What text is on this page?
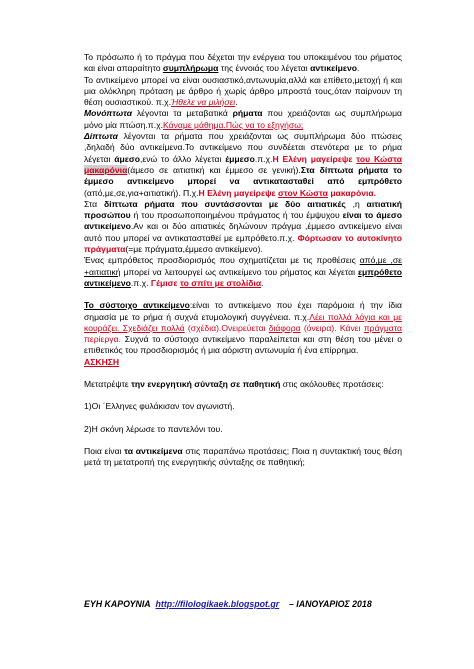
Το πρόσωπο ή το πράγμα που δέχεται την ενέργεια του υποκειμένου του ρήματος και είναι απαραίτητο συμπλήρωμα της έννοιάς του λέγεται αντικείμενο.

Το αντικείμενο μπορεί να είναι ουσιαστικό,αντωνυμία,αλλά και επίθετο,μετοχή ή και μια ολόκληρη πρόταση με άρθρο ή χωρίς άρθρο μπροστά τους,όταν παίρνουν τη θέση ουσιαστικού. π.χ.Ήθελε να μιλήσει.

Μονόπτωτα λέγονται τα μεταβατικά ρήματα που χρειάζονται ως συμπλήρωμα μόνο μία πτώση.π.χ.Κάναμε μάθημα.Πώς να το εξηγήσω;

Δίπτωτα λέγονται τα ρήματα που χρειάζονται ως συμπλήρωμα δύο πτώσεις ,δηλαδή δύο αντικείμενα.Το αντικείμενο που συνδέεται στενότερα με το ρήμα λέγεται άμεσο,ενώ το άλλο λέγεται έμμεσο.π.χ.Η Ελένη μαγείρεψε του Κώστα μακαρόνια(άμεσο σε αιτιατική και έμμεσο σε γενική).Στα δίπτωτα ρήματα το έμμεσο αντικείμενο μπορεί να αντικατασταθεί από εμπρόθετο (από,με,σε,για+αιτιατική). Π.χ.Η Ελένη μαγείρεψε στον Κώστα μακαρόνια.

Στα δίπτωτα ρήματα που συντάσσονται με δύο αιτιατικές ,η αιτιατική προσώπου ή του προσωποποιημένου πράγματος ή του έμψυχου είναι το άμεσο αντικείμενο.Αν και οι δύο αιτιατικές δηλώνουν πράγμα ,έμμεσο αντικείμενο είναι αυτό που μπορεί να αντικατασταθεί με εμπρόθετο.π.χ. Φόρτωσαν το αυτοκίνητο πράγματα(=με πράγματα,έμμεσο αντικείμενο).

Ένας εμπρόθετος προσδιορισμός που σχηματίζεται με τις προθέσεις από,με ,σε +αιτιατική μπορεί να λειτουργεί ως αντικείμενο του ρήματος και λέγεται εμπρόθετο αντικείμενο.π.χ. Γέμισε το σπίτι με στολίδια.

Το σύστοιχο αντικείμενο:είναι το αντικείμενο που έχει παρόμοια ή την ίδια σημασία με το ρήμα ή συχνά ετυμολογική συγγένεια. π.χ.Λέει πολλά λόγια και με κουράζει. Σχεδιάζει πολλά (σχέδια).Ονειρεύεται διάφορα (όνειρα). Κάνει πράγματα περίεργα. Συχνά το σύστοιχο αντικείμενο παραλείπεται και στη θέση του μένει ο επιθετικός του προσδιορισμός ή μια αόριστη αντωνυμία ή ένα επίρρημα.

ΑΣΚΗΣΗ

Μετατρέψτε την ενεργητική σύνταξη σε παθητική στις ακόλουθες προτάσεις:

1)Οι ΄Ελληνες φυλάκισαν τον αγωνιστή.

2)Η σκόνη λέρωσε το παντελόνι του.

Ποια είναι τα αντικείμενα στις παραπάνω προτάσεις; Ποια η συντακτική τους θέση μετά τη μετατροπή της ενεργητικής σύνταξης σε παθητική;

ΕΥΗ ΚΑΡΟΥΝΙΑ http://filologikaek.blogspot.gr – ΙΑΝΟΥΑΡΙΟΣ 2018
